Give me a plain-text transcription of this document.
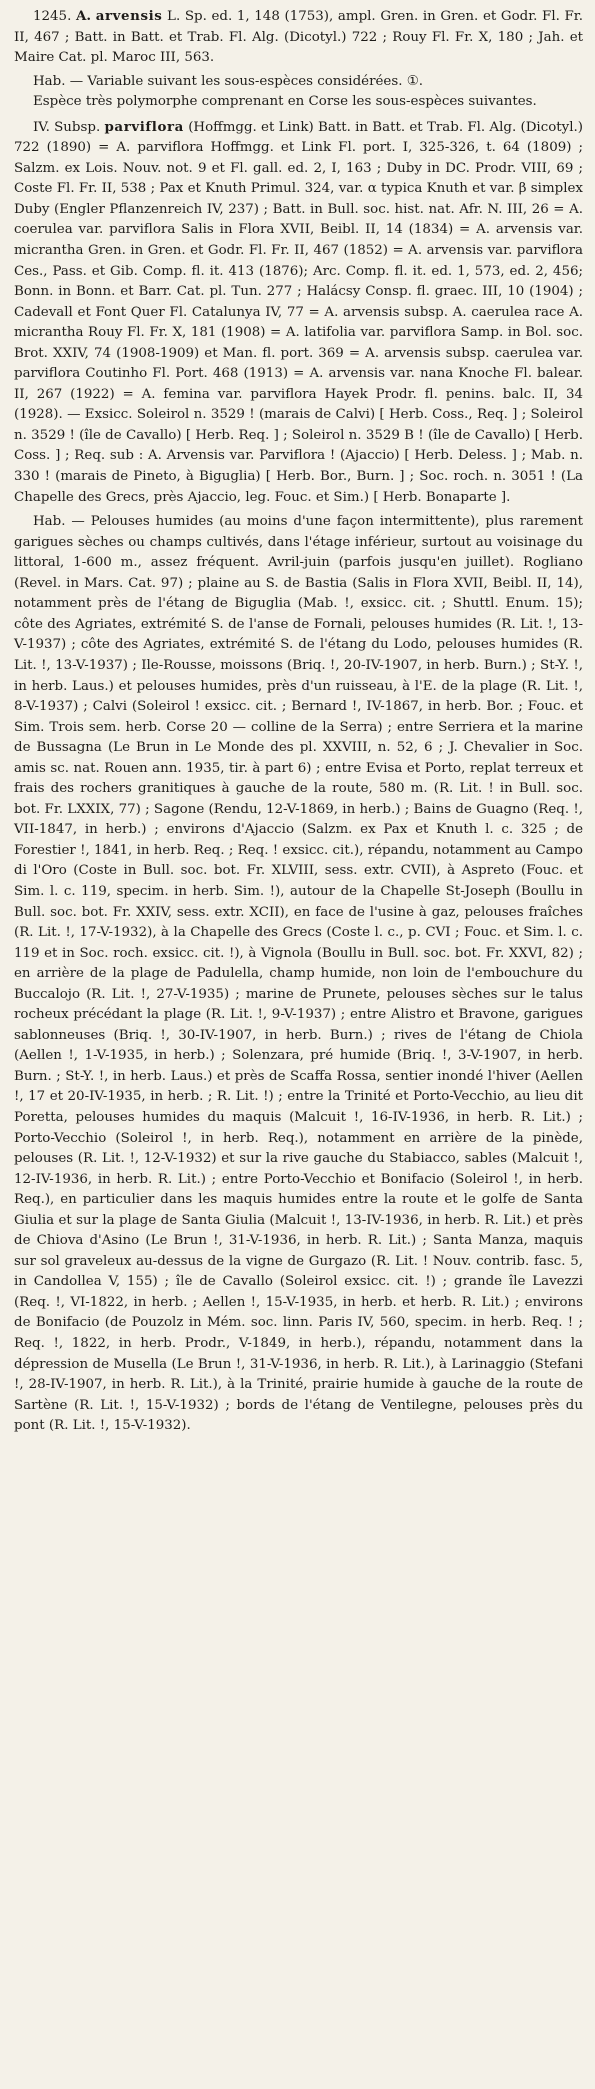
1245. A. arvensis L. Sp. ed. 1, 148 (1753), ampl. Gren. in Gren. et Godr. Fl. Fr. II, 467 ; Batt. in Batt. et Trab. Fl. Alg. (Dicotyl.) 722 ; Rouy Fl. Fr. X, 180 ; Jah. et Maire Cat. pl. Maroc III, 563.

Hab. — Variable suivant les sous-espèces considérées. ①.

Espèce très polymorphe comprenant en Corse les sous-espèces suivantes.

IV. Subsp. parviflora (Hoffmgg. et Link) Batt. in Batt. et Trab. Fl. Alg. (Dicotyl.) 722 (1890) = A. parviflora Hoffmgg. et Link Fl. port. I, 325-326, t. 64 (1809) ; Salzm. ex Lois. Nouv. not. 9 et Fl. gall. ed. 2, I, 163 ; Duby in DC. Prodr. VIII, 69 ; Coste Fl. Fr. II, 538 ; Pax et Knuth Primul. 324, var. α typica Knuth et var. β simplex Duby (Engler Pflanzenreich IV, 237) ; Batt. in Bull. soc. hist. nat. Afr. N. III, 26 = A. coerulea var. parviflora Salis in Flora XVII, Beibl. II, 14 (1834) = A. arvensis var. micrantha Gren. in Gren. et Godr. Fl. Fr. II, 467 (1852) = A. arvensis var. parviflora Ces., Pass. et Gib. Comp. fl. it. 413 (1876); Arc. Comp. fl. it. ed. 1, 573, ed. 2, 456; Bonn. in Bonn. et Barr. Cat. pl. Tun. 277 ; Halácsy Consp. fl. graec. III, 10 (1904) ; Cadevall et Font Quer Fl. Catalunya IV, 77 = A. arvensis subsp. A. caerulea race A. micrantha Rouy Fl. Fr. X, 181 (1908) = A. latifolia var. parviflora Samp. in Bol. soc. Brot. XXIV, 74 (1908-1909) et Man. fl. port. 369 = A. arvensis subsp. caerulea var. parviflora Coutinho Fl. Port. 468 (1913) = A. arvensis var. nana Knoche Fl. balear. II, 267 (1922) = A. femina var. parviflora Hayek Prodr. fl. penins. balc. II, 34 (1928). — Exsicc. Soleirol n. 3529 ! (marais de Calvi) [ Herb. Coss., Req. ] ; Soleirol n. 3529 ! (île de Cavallo) [ Herb. Req. ] ; Soleirol n. 3529 B ! (île de Cavallo) [ Herb. Coss. ] ; Req. sub : A. Arvensis var. Parviflora ! (Ajaccio) [ Herb. Deless. ] ; Mab. n. 330 ! (marais de Pineto, à Biguglia) [ Herb. Bor., Burn. ] ; Soc. roch. n. 3051 ! (La Chapelle des Grecs, près Ajaccio, leg. Fouc. et Sim.) [ Herb. Bonaparte ].

Hab. — Pelouses humides (au moins d'une façon intermittente), plus rarement garigues sèches ou champs cultivés, dans l'étage inférieur, surtout au voisinage du littoral, 1-600 m., assez fréquent. Avril-juin (parfois jusqu'en juillet). Rogliano (Revel. in Mars. Cat. 97) ; plaine au S. de Bastia (Salis in Flora XVII, Beibl. II, 14), notamment près de l'étang de Biguglia (Mab. !, exsicc. cit. ; Shuttl. Enum. 15); côte des Agriates, extrémité S. de l'anse de Fornali, pelouses humides (R. Lit. !, 13-V-1937) ; côte des Agriates, extrémité S. de l'étang du Lodo, pelouses humides (R. Lit. !, 13-V-1937) ; Ile-Rousse, moissons (Briq. !, 20-IV-1907, in herb. Burn.) ; St-Y. !, in herb. Laus.) et pelouses humides, près d'un ruisseau, à l'E. de la plage (R. Lit. !, 8-V-1937) ; Calvi (Soleirol ! exsicc. cit. ; Bernard !, IV-1867, in herb. Bor. ; Fouc. et Sim. Trois sem. herb. Corse 20 — colline de la Serra) ; entre Serriera et la marine de Bussagna (Le Brun in Le Monde des pl. XXVIII, n. 52, 6 ; J. Chevalier in Soc. amis sc. nat. Rouen ann. 1935, tir. à part 6) ; entre Evisa et Porto, replat terreux et frais des rochers granitiques à gauche de la route, 580 m. (R. Lit. ! in Bull. soc. bot. Fr. LXXIX, 77) ; Sagone (Rendu, 12-V-1869, in herb.) ; Bains de Guagno (Req. !, VII-1847, in herb.) ; environs d'Ajaccio (Salzm. ex Pax et Knuth l. c. 325 ; de Forestier !, 1841, in herb. Req. ; Req. ! exsicc. cit.), répandu, notamment au Campo di l'Oro (Coste in Bull. soc. bot. Fr. XLVIII, sess. extr. CVII), à Aspreto (Fouc. et Sim. l. c. 119, specim. in herb. Sim. !), autour de la Chapelle St-Joseph (Boullu in Bull. soc. bot. Fr. XXIV, sess. extr. XCII), en face de l'usine à gaz, pelouses fraîches (R. Lit. !, 17-V-1932), à la Chapelle des Grecs (Coste l. c., p. CVI ; Fouc. et Sim. l. c. 119 et in Soc. roch. exsicc. cit. !), à Vignola (Boullu in Bull. soc. bot. Fr. XXVI, 82) ; en arrière de la plage de Padulella, champ humide, non loin de l'embouchure du Buccalojo (R. Lit. !, 27-V-1935) ; marine de Prunete, pelouses sèches sur le talus rocheux précédant la plage (R. Lit. !, 9-V-1937) ; entre Alistro et Bravone, garigues sablonneuses (Briq. !, 30-IV-1907, in herb. Burn.) ; rives de l'étang de Chiola (Aellen !, 1-V-1935, in herb.) ; Solenzara, pré humide (Briq. !, 3-V-1907, in herb. Burn. ; St-Y. !, in herb. Laus.) et près de Scaffa Rossa, sentier inondé l'hiver (Aellen !, 17 et 20-IV-1935, in herb. ; R. Lit. !) ; entre la Trinité et Porto-Vecchio, au lieu dit Poretta, pelouses humides du maquis (Malcuit !, 16-IV-1936, in herb. R. Lit.) ; Porto-Vecchio (Soleirol !, in herb. Req.), notamment en arrière de la pinède, pelouses (R. Lit. !, 12-V-1932) et sur la rive gauche du Stabiacco, sables (Malcuit !, 12-IV-1936, in herb. R. Lit.) ; entre Porto-Vecchio et Bonifacio (Soleirol !, in herb. Req.), en particulier dans les maquis humides entre la route et le golfe de Santa Giulia et sur la plage de Santa Giulia (Malcuit !, 13-IV-1936, in herb. R. Lit.) et près de Chiova d'Asino (Le Brun !, 31-V-1936, in herb. R. Lit.) ; Santa Manza, maquis sur sol graveleux au-dessus de la vigne de Gurgazo (R. Lit. ! Nouv. contrib. fasc. 5, in Candollea V, 155) ; île de Cavallo (Soleirol exsicc. cit. !) ; grande île Lavezzi (Req. !, VI-1822, in herb. ; Aellen !, 15-V-1935, in herb. et herb. R. Lit.) ; environs de Bonifacio (de Pouzolz in Mém. soc. linn. Paris IV, 560, specim. in herb. Req. ! ; Req. !, 1822, in herb. Prodr., V-1849, in herb.), répandu, notamment dans la dépression de Musella (Le Brun !, 31-V-1936, in herb. R. Lit.), à Larinaggio (Stefani !, 28-IV-1907, in herb. R. Lit.), à la Trinité, prairie humide à gauche de la route de Sartène (R. Lit. !, 15-V-1932) ; bords de l'étang de Ventilegne, pelouses près du pont (R. Lit. !, 15-V-1932).
